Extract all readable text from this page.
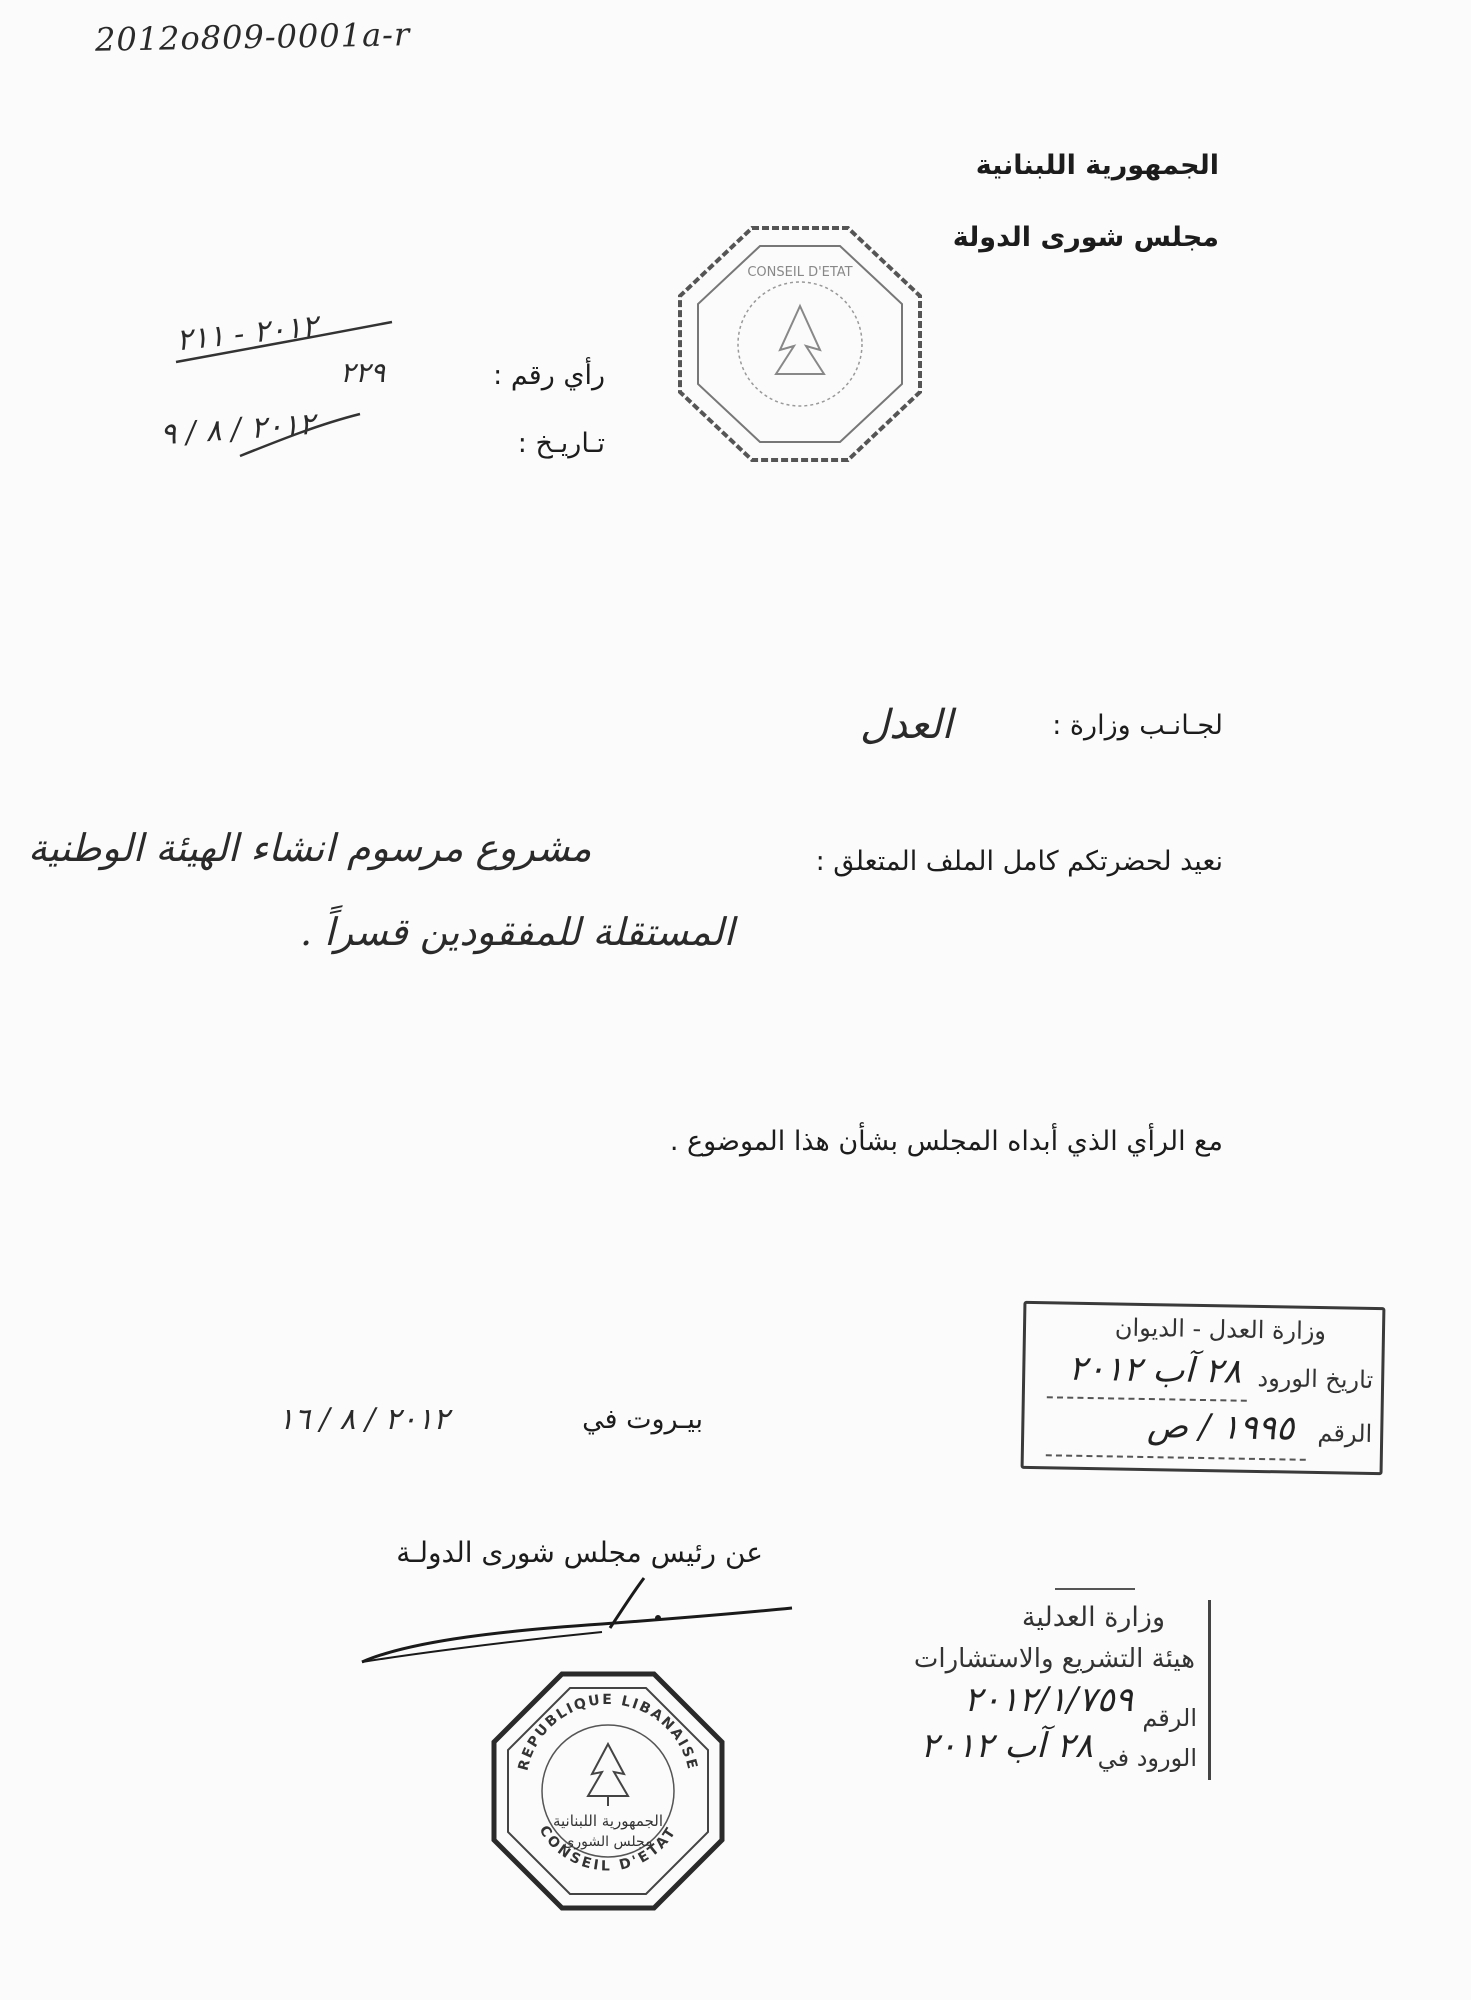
2012o809-0001a-r
الجمهورية اللبنانية
مجلس شورى الدولة
CONSEIL D'ETAT
رأي رقم :
٢٢٩
٢٠١٢ - ٢١١
تـاريـخ :
٢٠١٢ / ٨ / ٩
لجـانـب وزارة :
العدل
نعيد لحضرتكم كامل الملف المتعلق :
مشروع مرسوم انشاء الهيئة الوطنية
المستقلة للمفقودين قسراً .
مع الرأي الذي أبداه المجلس بشأن هذا الموضوع .
وزارة العدل - الديوان
تاريخ الورود
٢٨ آب ٢٠١٢
الرقم
١٩٩٥ / ص
بيـروت في
٢٠١٢ / ٨ / ١٦
عن رئيس مجلس شورى الدولـة
وزارة العدلية
هيئة التشريع والاستشارات
الرقم
٢٠١٢/١/٧٥٩
الورود في
٢٨ آب ٢٠١٢
REPUBLIQUE LIBANAISE
CONSEIL D'ETAT
الجمهورية اللبنانية
مجلس الشورى
